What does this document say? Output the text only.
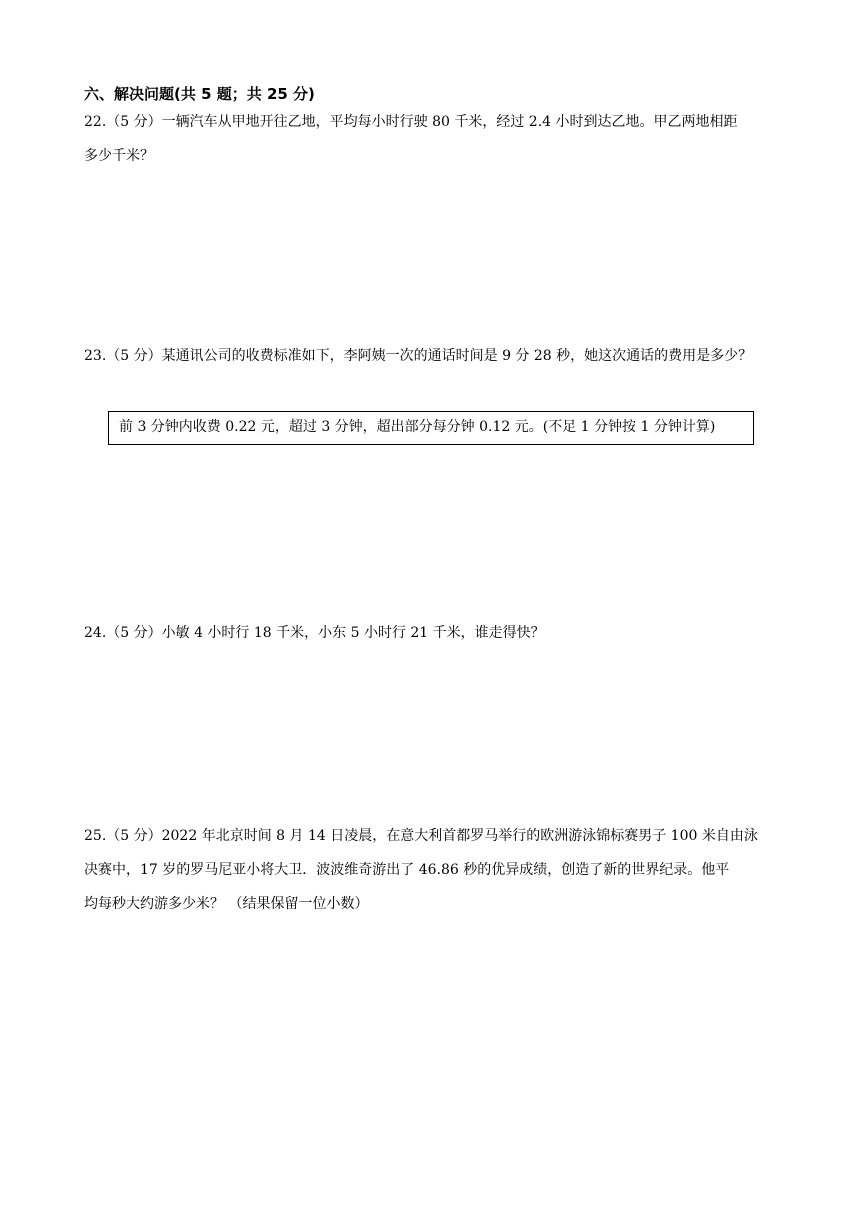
六、解决问题(共 5 题；共 25 分)
22.（5 分）一辆汽车从甲地开往乙地，平均每小时行驶 80 千米，经过 2.4 小时到达乙地。甲乙两地相距
多少千米？
23.（5 分）某通讯公司的收费标准如下，李阿姨一次的通话时间是 9 分 28 秒，她这次通话的费用是多少？
前 3 分钟内收费 0.22 元，超过 3 分钟，超出部分每分钟 0.12 元。(不足 1 分钟按 1 分钟计算)
24.（5 分）小敏 4 小时行 18 千米，小东 5 小时行 21 千米，谁走得快？
25.（5 分）2022 年北京时间 8 月 14 日凌晨，在意大利首都罗马举行的欧洲游泳锦标赛男子 100 米自由泳
决赛中，17 岁的罗马尼亚小将大卫．波波维奇游出了 46.86 秒的优异成绩，创造了新的世界纪录。他平
均每秒大约游多少米？ （结果保留一位小数）
